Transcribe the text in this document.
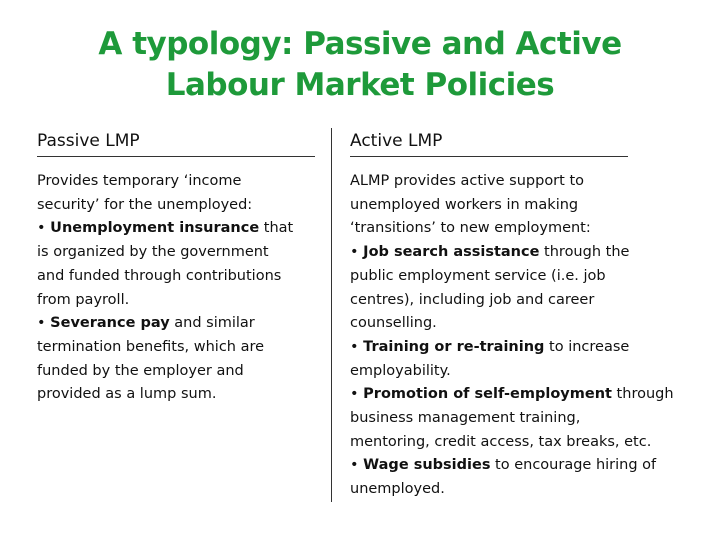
A typology: Passive and Active
Labour Market Policies
Passive LMP
Provides temporary ‘income
security’ for the unemployed:
• Unemployment insurance that
is organized by the government
and funded through contributions
from payroll.
• Severance pay and similar
termination benefits, which are
funded by the employer and
provided as a lump sum.
Active LMP
ALMP provides active support to
unemployed workers in making
‘transitions’ to new employment:
• Job search assistance through the
public employment service (i.e. job
centres), including job and career
counselling.
• Training or re-training to increase
employability.
• Promotion of self-employment through
business management training,
mentoring, credit access, tax breaks, etc.
• Wage subsidies to encourage hiring of
unemployed.
